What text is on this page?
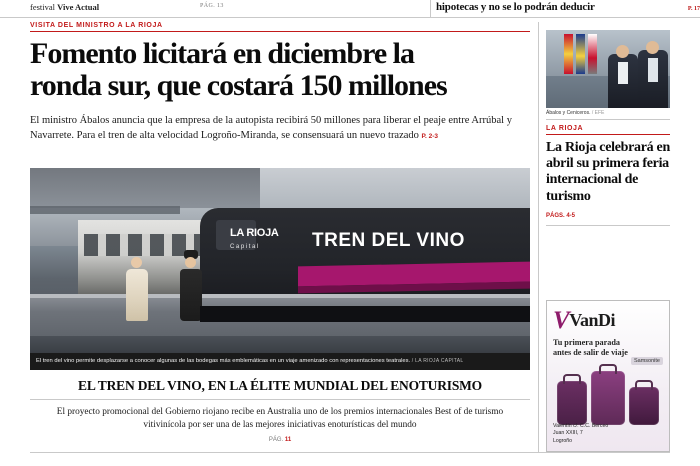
festival Vive Actual	PÁG. 13	hipotecas y no se lo podrán deducir	P. 17
VISITA DEL MINISTRO A LA RIOJA
Fomento licitará en diciembre la
ronda sur, que costará 150 millones
El ministro Ábalos anuncia que la empresa de la autopista recibirá 50 millones para liberar el peaje entre Arrúbal y Navarrete. Para el tren de alta velocidad Logroño-Miranda, se consensuará un nuevo trazado P. 2-3
LA RIOJA
Capital	TREN DEL VINO
El tren del vino permite desplazarse a conocer algunas de las bodegas más emblemáticas en un viaje amenizado con representaciones teatrales. / LA RIOJA CAPITAL
EL TREN DEL VINO, EN LA ÉLITE MUNDIAL DEL ENOTURISMO
El proyecto promocional del Gobierno riojano recibe en Australia uno de los premios internacionales Best of de turismo vitivinícola por ser una de las mejores iniciativas enoturísticas del mundo
PÁG. 11
Ábalos y Ceniceros. / EFE
LA RIOJA
La Rioja celebrará en abril su primera feria internacional de turismo
PÁGS. 4-5
VVanDi
Tu primera parada
antes de salir de viaje
Samsonite
Valentín c/: C.C. Berceo
Juan XXIII, 7
Logroño
